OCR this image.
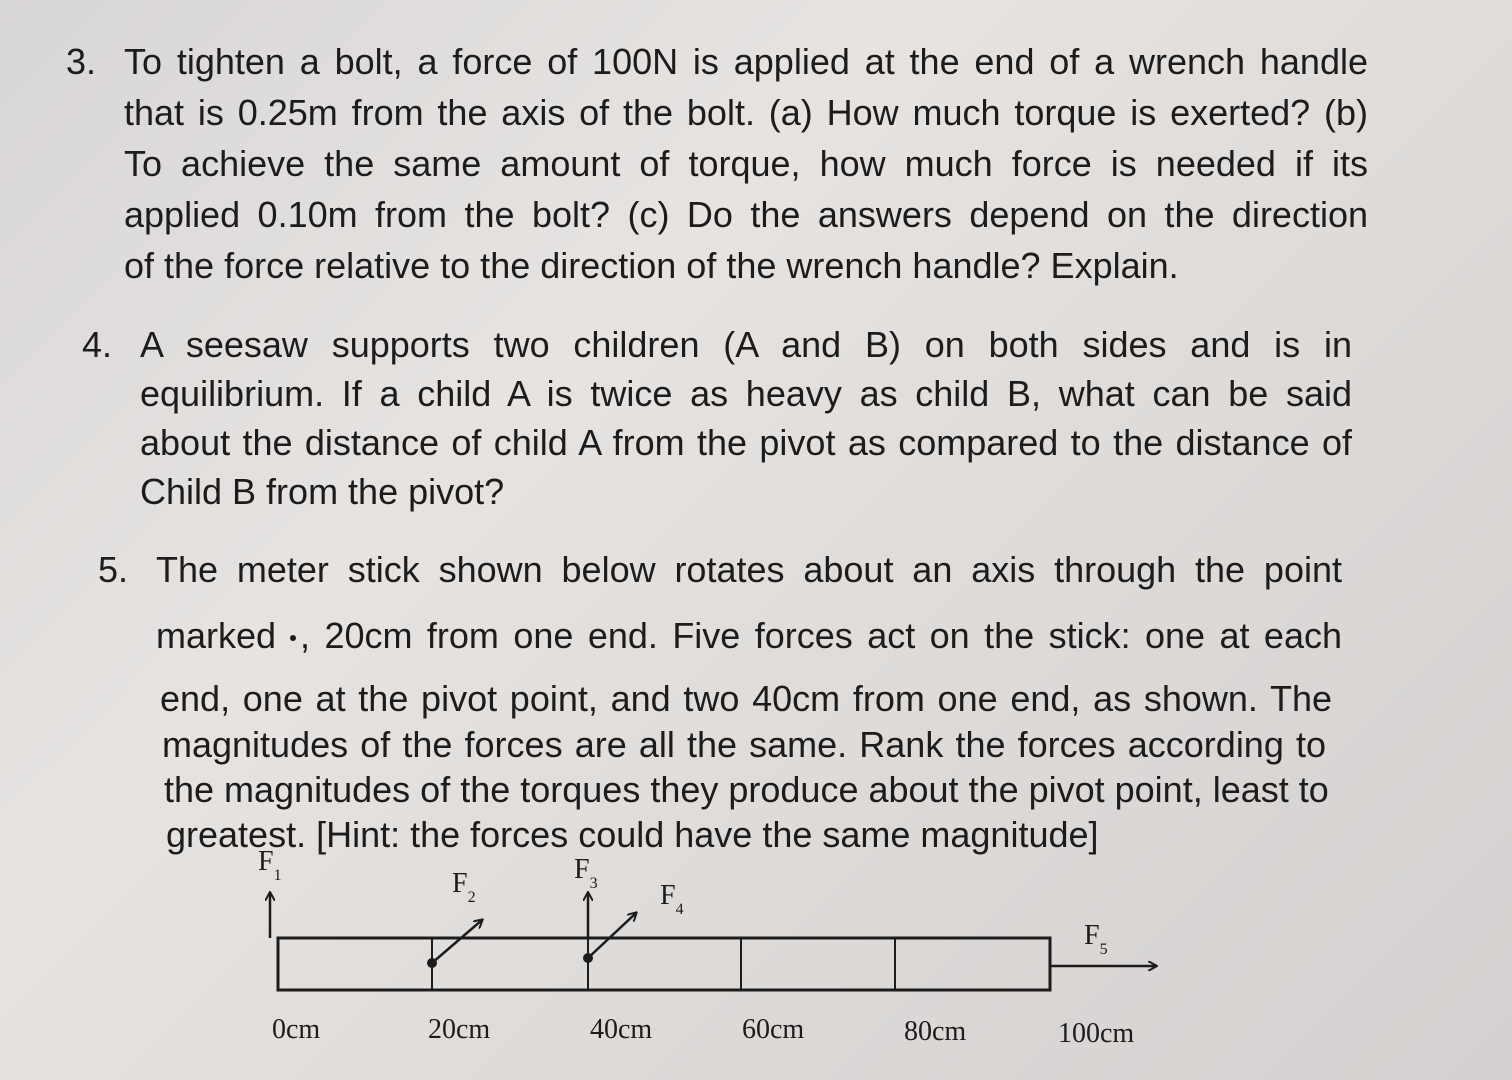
3. To tighten a bolt, a force of 100N is applied at the end of a wrench handle
that is 0.25m from the axis of the bolt. (a) How much torque is exerted? (b)
To achieve the same amount of torque, how much force is needed if its
applied 0.10m from the bolt? (c) Do the answers depend on the direction
of the force relative to the direction of the wrench handle? Explain.
4. A seesaw supports two children (A and B) on both sides and is in
equilibrium. If a child A is twice as heavy as child B, what can be said
about the distance of child A from the pivot as compared to the distance of
Child B from the pivot?
5. The meter stick shown below rotates about an axis through the point
marked , 20cm from one end. Five forces act on the stick: one at each
end, one at the pivot point, and two 40cm from one end, as shown. The
magnitudes of the forces are all the same. Rank the forces according to
the magnitudes of the torques they produce about the pivot point, least to
greatest. [Hint: the forces could have the same magnitude]
$F_1$	$F_2$
$F_3$ $F_4$
$F_5$
0cm	20cm	40cm	60cm	80cm	100cm
